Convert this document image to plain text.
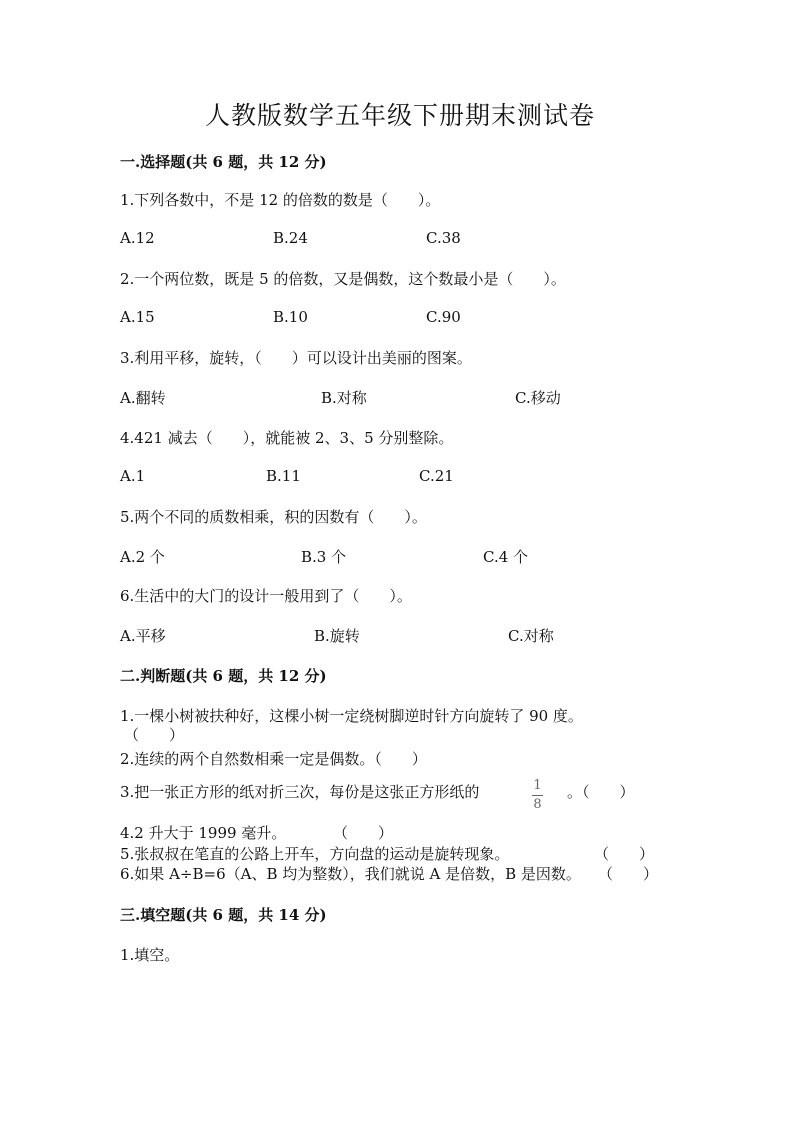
人教版数学五年级下册期末测试卷
一.选择题(共 6 题，共 12 分)
1.下列各数中，不是 12 的倍数的数是（　　）。
A.12	B.24	C.38
2.一个两位数，既是 5 的倍数，又是偶数，这个数最小是（　　）。
A.15	B.10	C.90
3.利用平移，旋转，（　　）可以设计出美丽的图案。
A.翻转	B.对称	C.移动
4.421 减去（　　），就能被 2、3、5 分别整除。
A.1	B.11	C.21
5.两个不同的质数相乘，积的因数有（　　）。
A.2 个	B.3 个	C.4 个
6.生活中的大门的设计一般用到了（　　）。
A.平移	B.旋转	C.对称
二.判断题(共 6 题，共 12 分)
1.一棵小树被扶种好，这棵小树一定绕树脚逆时针方向旋转了 90 度。
（　　）
2.连续的两个自然数相乘一定是偶数。（　　）
3.把一张正方形的纸对折三次，每份是这张正方形纸的	$\frac{1}{8}$ 。（　　）
4.2 升大于 1999 毫升。	（　　）
5.张叔叔在笔直的公路上开车，方向盘的运动是旋转现象。	（　　）
6.如果 A÷B=6（A、B 均为整数），我们就说 A 是倍数，B 是因数。 （　　）
三.填空题(共 6 题，共 14 分)
1.填空。
